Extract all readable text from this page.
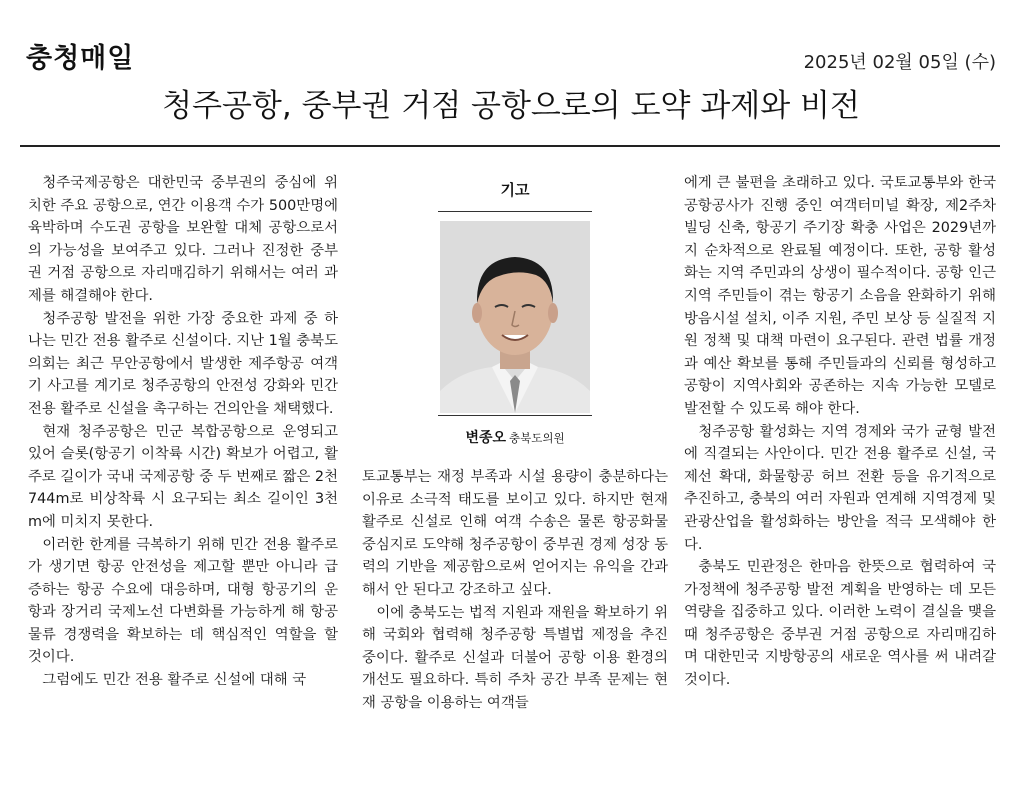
충청매일	2025년 02월 05일 (수)
청주공항, 중부권 거점 공항으로의 도약 과제와 비전

청주국제공항은 대한민국 중부권의 중심에 위치한 주요 공항으로, 연간 이용객 수가 500만명에 육박하며 수도권 공항을 보완할 대체 공항으로서의 가능성을 보여주고 있다. 그러나 진정한 중부권 거점 공항으로 자리매김하기 위해서는 여러 과제를 해결해야 한다.

청주공항 발전을 위한 가장 중요한 과제 중 하나는 민간 전용 활주로 신설이다. 지난 1월 충북도의회는 최근 무안공항에서 발생한 제주항공 여객기 사고를 계기로 청주공항의 안전성 강화와 민간 전용 활주로 신설을 촉구하는 건의안을 채택했다.

현재 청주공항은 민군 복합공항으로 운영되고 있어 슬롯(항공기 이착륙 시간) 확보가 어렵고, 활주로 길이가 국내 국제공항 중 두 번째로 짧은 2천744m로 비상착륙 시 요구되는 최소 길이인 3천m에 미치지 못한다.

이러한 한계를 극복하기 위해 민간 전용 활주로가 생기면 항공 안전성을 제고할 뿐만 아니라 급증하는 항공 수요에 대응하며, 대형 항공기의 운항과 장거리 국제노선 다변화를 가능하게 해 항공 물류 경쟁력을 확보하는 데 핵심적인 역할을 할 것이다.

그럼에도 민간 전용 활주로 신설에 대해 국

기고
변종오 충북도의원

토교통부는 재정 부족과 시설 용량이 충분하다는 이유로 소극적 태도를 보이고 있다. 하지만 현재 활주로 신설로 인해 여객 수송은 물론 항공화물 중심지로 도약해 청주공항이 중부권 경제 성장 동력의 기반을 제공함으로써 얻어지는 유익을 간과해서 안 된다고 강조하고 싶다.

이에 충북도는 법적 지원과 재원을 확보하기 위해 국회와 협력해 청주공항 특별법 제정을 추진 중이다. 활주로 신설과 더불어 공항 이용 환경의 개선도 필요하다. 특히 주차 공간 부족 문제는 현재 공항을 이용하는 여객들

에게 큰 불편을 초래하고 있다. 국토교통부와 한국공항공사가 진행 중인 여객터미널 확장, 제2주차빌딩 신축, 항공기 주기장 확충 사업은 2029년까지 순차적으로 완료될 예정이다. 또한, 공항 활성화는 지역 주민과의 상생이 필수적이다. 공항 인근 지역 주민들이 겪는 항공기 소음을 완화하기 위해 방음시설 설치, 이주 지원, 주민 보상 등 실질적 지원 정책 및 대책 마련이 요구된다. 관련 법률 개정과 예산 확보를 통해 주민들과의 신뢰를 형성하고 공항이 지역사회와 공존하는 지속 가능한 모델로 발전할 수 있도록 해야 한다.

청주공항 활성화는 지역 경제와 국가 균형 발전에 직결되는 사안이다. 민간 전용 활주로 신설, 국제선 확대, 화물항공 허브 전환 등을 유기적으로 추진하고, 충북의 여러 자원과 연계해 지역경제 및 관광산업을 활성화하는 방안을 적극 모색해야 한다.

충북도 민관정은 한마음 한뜻으로 협력하여 국가정책에 청주공항 발전 계획을 반영하는 데 모든 역량을 집중하고 있다. 이러한 노력이 결실을 맺을 때 청주공항은 중부권 거점 공항으로 자리매김하며 대한민국 지방항공의 새로운 역사를 써 내려갈 것이다.
